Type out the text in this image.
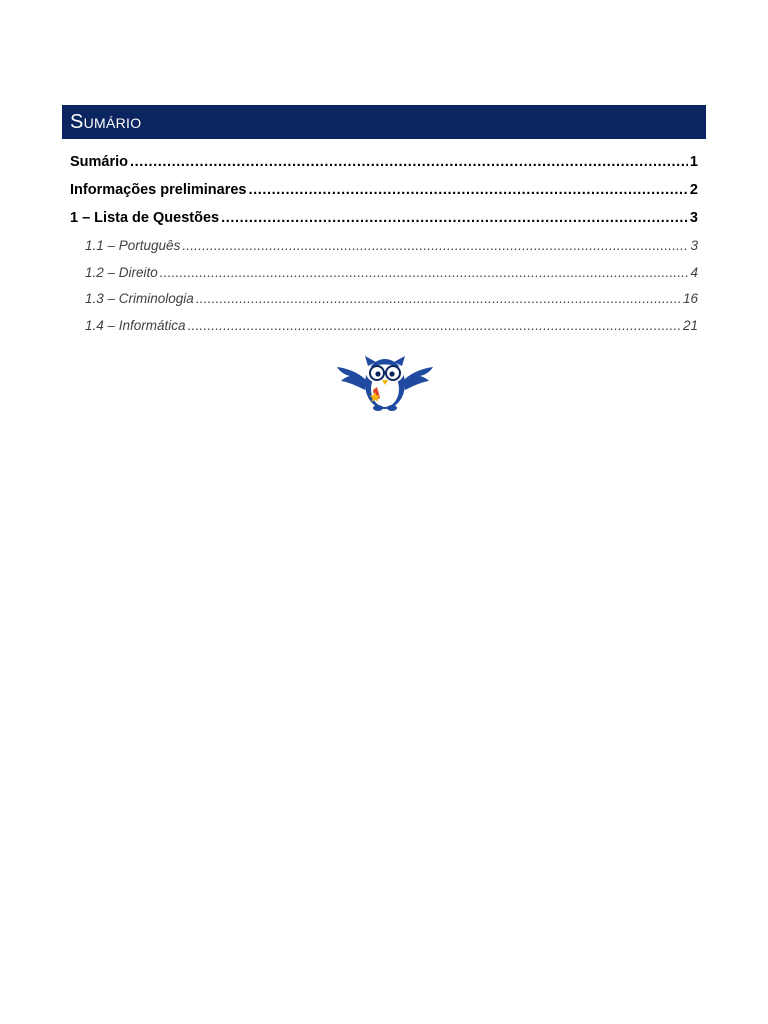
Sumário
Sumário .....	1
Informações preliminares .....	2
1 – Lista de Questões .....	3
1.1 – Português .....	3
1.2 – Direito .....	4
1.3 – Criminologia .....	16
1.4 – Informática .....	21
